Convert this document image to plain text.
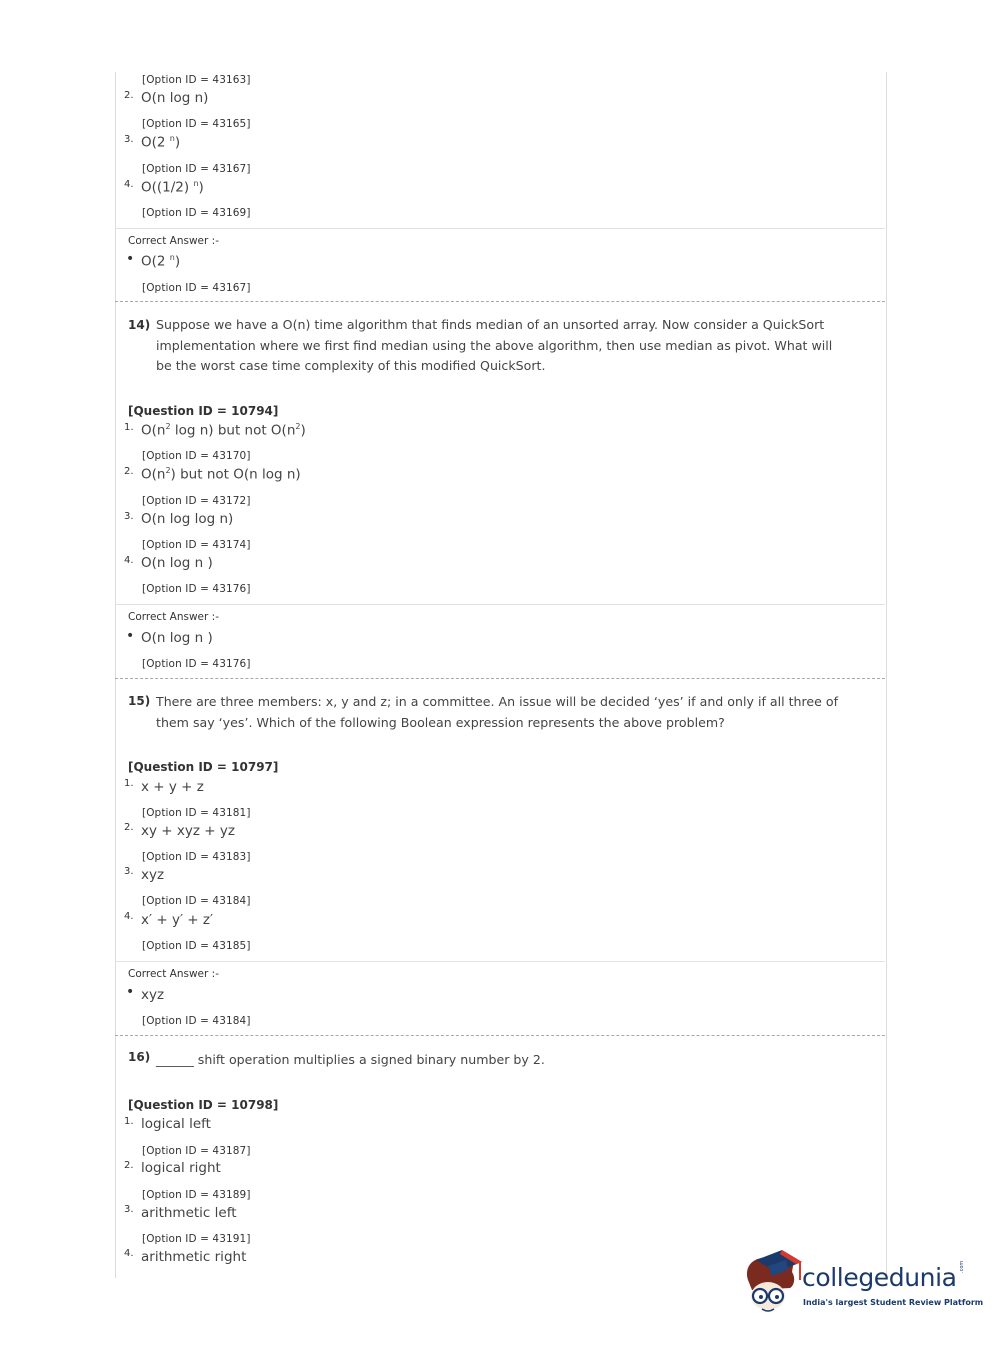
[Option ID = 43163]
2. O(n log n)
[Option ID = 43165]
3. O(2 $^n$)
[Option ID = 43167]
4. O((1/2) $^n$)
[Option ID = 43169]
Correct Answer :-
• O(2 $^n$)
[Option ID = 43167]
14) Suppose we have a O(n) time algorithm that finds median of an unsorted array. Now consider a QuickSort implementation where we first find median using the above algorithm, then use median as pivot. What will be the worst case time complexity of this modified QuickSort.
[Question ID = 10794]
1. $O(n^2$ log n) but not $O(n^2)$
[Option ID = 43170]
2. $O(n^2)$ but not O(n log n)
[Option ID = 43172]
3. O(n log log n)
[Option ID = 43174]
4. O(n log n )
[Option ID = 43176]
Correct Answer :-
• O(n log n )
[Option ID = 43176]
15) There are three members: x, y and z; in a committee. An issue will be decided ‘yes’ if and only if all three of them say ‘yes’. Which of the following Boolean expression represents the above problem?
[Question ID = 10797]
1. x + y + z
[Option ID = 43181]
2. xy + xyz + yz
[Option ID = 43183]
3. xyz
[Option ID = 43184]
4. x′ + y′ + z′
[Option ID = 43185]
Correct Answer :-
• xyz
[Option ID = 43184]
16) ______ shift operation multiplies a signed binary number by 2.
[Question ID = 10798]
1. logical left
[Option ID = 43187]
2. logical right
[Option ID = 43189]
3. arithmetic left
[Option ID = 43191]
4. arithmetic right
collegedunia .com
India's largest Student Review Platform
